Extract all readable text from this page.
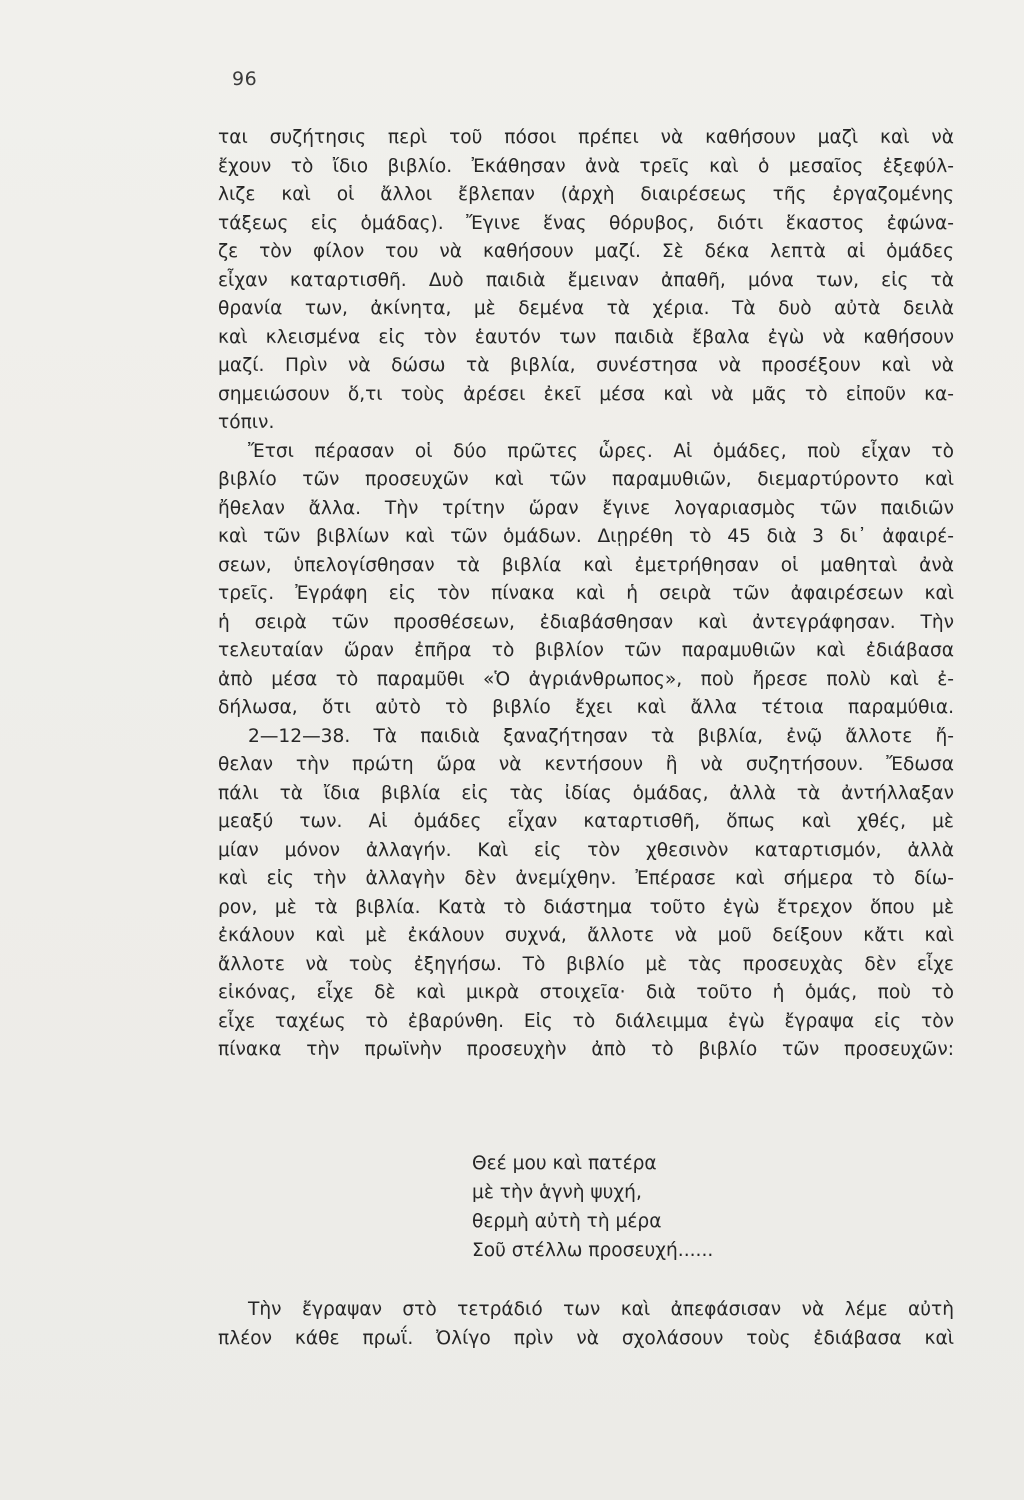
96
ται συζήτησις περὶ τοῦ πόσοι πρέπει νὰ καθήσουν μαζὶ καὶ νὰ
ἔχουν τὸ ἴδιο βιβλίο. Ἐκάθησαν ἀνὰ τρεῖς καὶ ὁ μεσαῖος ἐξεφύλ-
λιζε καὶ οἱ ἄλλοι ἔβλεπαν (ἀρχὴ διαιρέσεως τῆς ἐργαζομένης
τάξεως εἰς ὁμάδας). Ἔγινε ἕνας θόρυβος, διότι ἕκαστος ἐφώνα-
ζε τὸν φίλον του νὰ καθήσουν μαζί. Σὲ δέκα λεπτὰ αἱ ὁμάδες
εἶχαν καταρτισθῆ. Δυὸ παιδιὰ ἔμειναν ἀπαθῆ, μόνα των, εἰς τὰ
θρανία των, ἀκίνητα, μὲ δεμένα τὰ χέρια. Τὰ δυὸ αὐτὰ δειλὰ
καὶ κλεισμένα εἰς τὸν ἑαυτόν των παιδιὰ ἔβαλα ἐγὼ νὰ καθήσουν
μαζί. Πρὶν νὰ δώσω τὰ βιβλία, συνέστησα νὰ προσέξουν καὶ νὰ
σημειώσουν ὅ,τι τοὺς ἀρέσει ἐκεῖ μέσα καὶ νὰ μᾶς τὸ εἰποῦν κα-
τόπιν.
Ἔτσι πέρασαν οἱ δύο πρῶτες ὧρες. Αἱ ὁμάδες, ποὺ εἶχαν τὸ
βιβλίο τῶν προσευχῶν καὶ τῶν παραμυθιῶν, διεμαρτύροντο καὶ
ἤθελαν ἄλλα. Τὴν τρίτην ὥραν ἔγινε λογαριασμὸς τῶν παιδιῶν
καὶ τῶν βιβλίων καὶ τῶν ὁμάδων. Διῃρέθη τὸ 45 διὰ 3 δι᾽ ἀφαιρέ-
σεων, ὑπελογίσθησαν τὰ βιβλία καὶ ἐμετρήθησαν οἱ μαθηταὶ ἀνὰ
τρεῖς. Ἐγράφη εἰς τὸν πίνακα καὶ ἡ σειρὰ τῶν ἀφαιρέσεων καὶ
ἡ σειρὰ τῶν προσθέσεων, ἐδιαβάσθησαν καὶ ἀντεγράφησαν. Τὴν
τελευταίαν ὥραν ἐπῆρα τὸ βιβλίον τῶν παραμυθιῶν καὶ ἐδιάβασα
ἀπὸ μέσα τὸ παραμῦθι «Ὁ ἀγριάνθρωπος», ποὺ ἤρεσε πολὺ καὶ ἐ-
δήλωσα, ὅτι αὐτὸ τὸ βιβλίο ἔχει καὶ ἄλλα τέτοια παραμύθια.
2—12—38. Τὰ παιδιὰ ξαναζήτησαν τὰ βιβλία, ἐνῷ ἄλλοτε ἤ-
θελαν τὴν πρώτη ὥρα νὰ κεντήσουν ἢ νὰ συζητήσουν. Ἔδωσα
πάλι τὰ ἴδια βιβλία εἰς τὰς ἰδίας ὁμάδας, ἀλλὰ τὰ ἀντήλλαξαν
μεαξύ των. Αἱ ὁμάδες εἶχαν καταρτισθῆ, ὅπως καὶ χθές, μὲ
μίαν μόνον ἀλλαγήν. Καὶ εἰς τὸν χθεσινὸν καταρτισμόν, ἀλλὰ
καὶ εἰς τὴν ἀλλαγὴν δὲν ἀνεμίχθην. Ἐπέρασε καὶ σήμερα τὸ δίω-
ρον, μὲ τὰ βιβλία. Κατὰ τὸ διάστημα τοῦτο ἐγὼ ἔτρεχον ὅπου μὲ
ἐκάλουν καὶ μὲ ἐκάλουν συχνά, ἄλλοτε νὰ μοῦ δείξουν κἄτι καὶ
ἄλλοτε νὰ τοὺς ἐξηγήσω. Τὸ βιβλίο μὲ τὰς προσευχὰς δὲν εἶχε
εἰκόνας, εἶχε δὲ καὶ μικρὰ στοιχεῖα· διὰ τοῦτο ἡ ὁμάς, ποὺ τὸ
εἶχε ταχέως τὸ ἐβαρύνθη. Εἰς τὸ διάλειμμα ἐγὼ ἔγραψα εἰς τὸν
πίνακα τὴν πρωϊνὴν προσευχὴν ἀπὸ τὸ βιβλίο τῶν προσευχῶν:
Θεέ μου καὶ πατέρα
μὲ τὴν ἁγνὴ ψυχή,
θερμὴ αὐτὴ τὴ μέρα
Σοῦ στέλλω προσευχή......
Τὴν ἔγραψαν στὸ τετράδιό των καὶ ἀπεφάσισαν νὰ λέμε αὐτὴ
πλέον κάθε πρωΐ. Ὀλίγο πρὶν νὰ σχολάσουν τοὺς ἐδιάβασα καὶ
